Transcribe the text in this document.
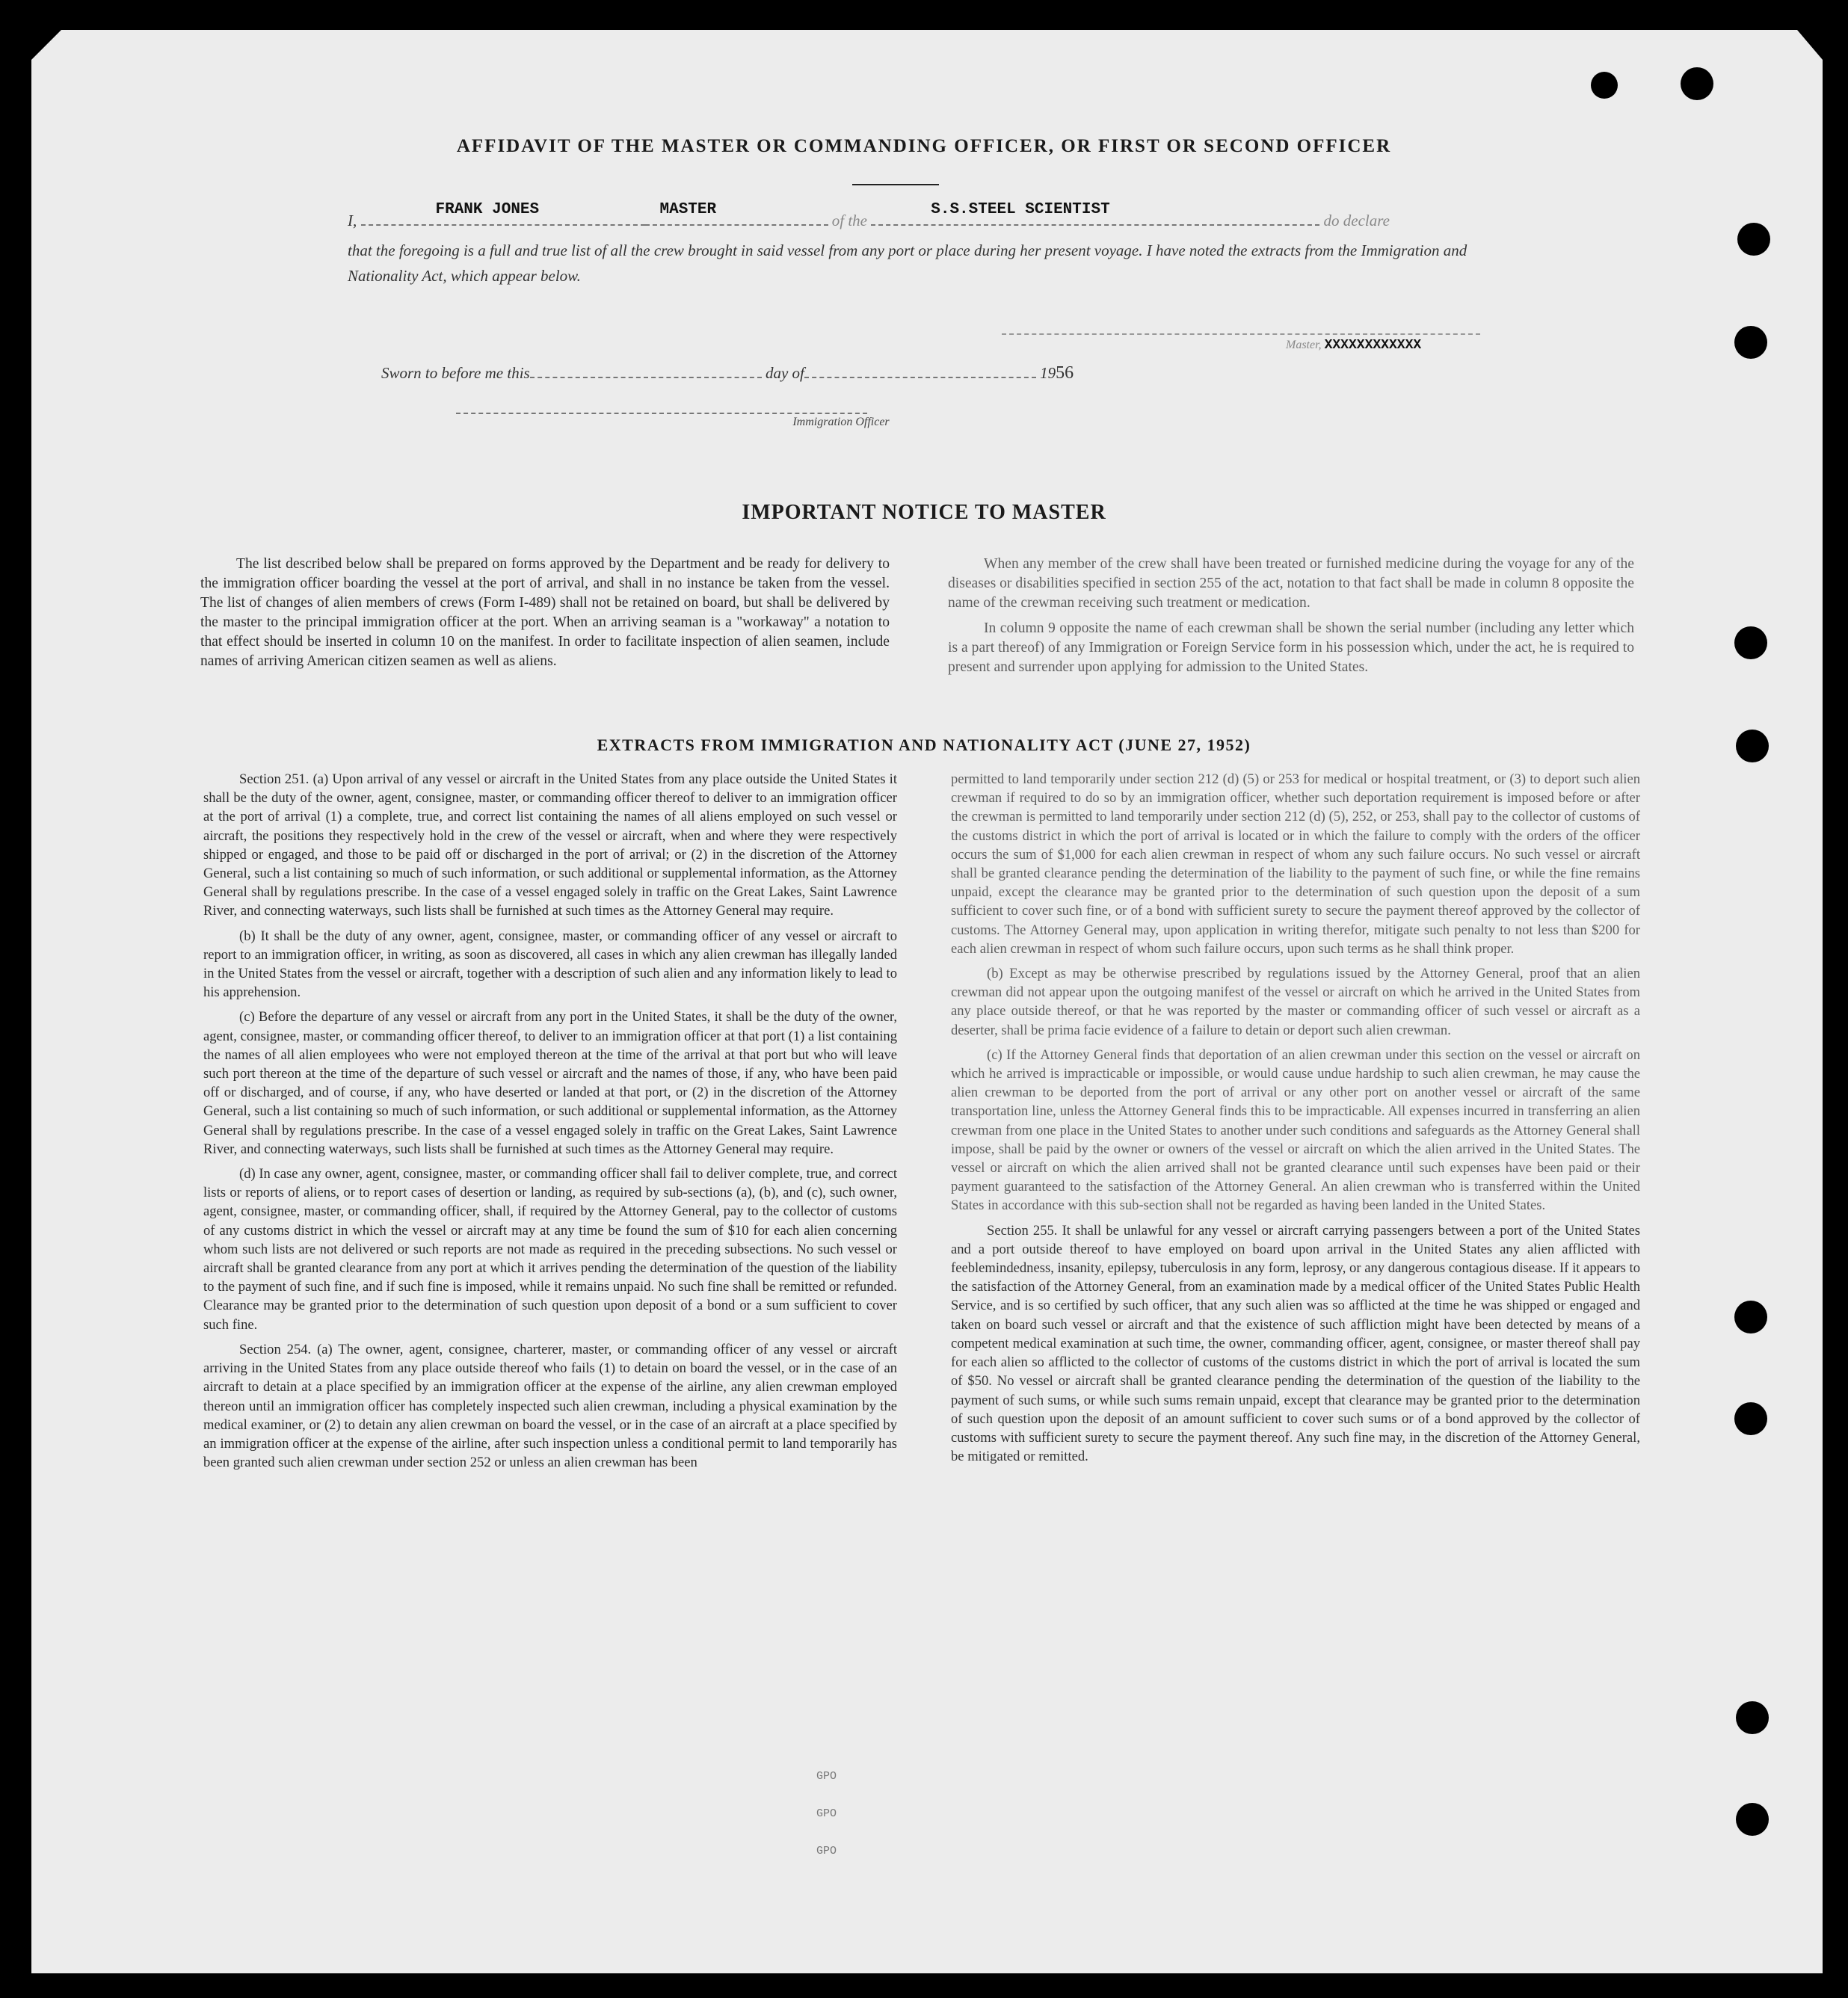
AFFIDAVIT OF THE MASTER OR COMMANDING OFFICER, OR FIRST OR SECOND OFFICER
I,
FRANK JONES	MASTER
of the
S.S.STEEL SCIENTIST
do declare
that the foregoing is a full and true list of all the crew brought in said vessel from any port or place during her present voyage. I have noted the extracts from the Immigration and Nationality Act, which appear below.
Master, XXXXXXXXXXXX
Sworn to before me this	day of	1956
Immigration Officer
IMPORTANT NOTICE TO MASTER

The list described below shall be prepared on forms approved by the Department and be ready for delivery to the immigration officer boarding the vessel at the port of arrival, and shall in no instance be taken from the vessel. The list of changes of alien members of crews (Form I-489) shall not be retained on board, but shall be delivered by the master to the principal immigration officer at the port. When an arriving seaman is a "workaway" a notation to that effect should be inserted in column 10 on the manifest. In order to facilitate inspection of alien seamen, include names of arriving American citizen seamen as well as aliens.

When any member of the crew shall have been treated or furnished medicine during the voyage for any of the diseases or disabilities specified in section 255 of the act, notation to that fact shall be made in column 8 opposite the name of the crewman receiving such treatment or medication.

In column 9 opposite the name of each crewman shall be shown the serial number (including any letter which is a part thereof) of any Immigration or Foreign Service form in his possession which, under the act, he is required to present and surrender upon applying for admission to the United States.

EXTRACTS FROM IMMIGRATION AND NATIONALITY ACT (JUNE 27, 1952)

Section 251. (a) Upon arrival of any vessel or aircraft in the United States from any place outside the United States it shall be the duty of the owner, agent, consignee, master, or commanding officer thereof to deliver to an immigration officer at the port of arrival (1) a complete, true, and correct list containing the names of all aliens employed on such vessel or aircraft, the positions they respectively hold in the crew of the vessel or aircraft, when and where they were respectively shipped or engaged, and those to be paid off or discharged in the port of arrival; or (2) in the discretion of the Attorney General, such a list containing so much of such information, or such additional or supplemental information, as the Attorney General shall by regulations prescribe. In the case of a vessel engaged solely in traffic on the Great Lakes, Saint Lawrence River, and connecting waterways, such lists shall be furnished at such times as the Attorney General may require.

(b) It shall be the duty of any owner, agent, consignee, master, or commanding officer of any vessel or aircraft to report to an immigration officer, in writing, as soon as discovered, all cases in which any alien crewman has illegally landed in the United States from the vessel or aircraft, together with a description of such alien and any information likely to lead to his apprehension.

(c) Before the departure of any vessel or aircraft from any port in the United States, it shall be the duty of the owner, agent, consignee, master, or commanding officer thereof, to deliver to an immigration officer at that port (1) a list containing the names of all alien employees who were not employed thereon at the time of the arrival at that port but who will leave such port thereon at the time of the departure of such vessel or aircraft and the names of those, if any, who have been paid off or discharged, and of course, if any, who have deserted or landed at that port, or (2) in the discretion of the Attorney General, such a list containing so much of such information, or such additional or supplemental information, as the Attorney General shall by regulations prescribe. In the case of a vessel engaged solely in traffic on the Great Lakes, Saint Lawrence River, and connecting waterways, such lists shall be furnished at such times as the Attorney General may require.

(d) In case any owner, agent, consignee, master, or commanding officer shall fail to deliver complete, true, and correct lists or reports of aliens, or to report cases of desertion or landing, as required by sub-sections (a), (b), and (c), such owner, agent, consignee, master, or commanding officer, shall, if required by the Attorney General, pay to the collector of customs of any customs district in which the vessel or aircraft may at any time be found the sum of $10 for each alien concerning whom such lists are not delivered or such reports are not made as required in the preceding subsections. No such vessel or aircraft shall be granted clearance from any port at which it arrives pending the determination of the question of the liability to the payment of such fine, and if such fine is imposed, while it remains unpaid. No such fine shall be remitted or refunded. Clearance may be granted prior to the determination of such question upon deposit of a bond or a sum sufficient to cover such fine.

Section 254. (a) The owner, agent, consignee, charterer, master, or commanding officer of any vessel or aircraft arriving in the United States from any place outside thereof who fails (1) to detain on board the vessel, or in the case of an aircraft to detain at a place specified by an immigration officer at the expense of the airline, any alien crewman employed thereon until an immigration officer has completely inspected such alien crewman, including a physical examination by the medical examiner, or (2) to detain any alien crewman on board the vessel, or in the case of an aircraft at a place specified by an immigration officer at the expense of the airline, after such inspection unless a conditional permit to land temporarily has been granted such alien crewman under section 252 or unless an alien crewman has been

permitted to land temporarily under section 212 (d) (5) or 253 for medical or hospital treatment, or (3) to deport such alien crewman if required to do so by an immigration officer, whether such deportation requirement is imposed before or after the crewman is permitted to land temporarily under section 212 (d) (5), 252, or 253, shall pay to the collector of customs of the customs district in which the port of arrival is located or in which the failure to comply with the orders of the officer occurs the sum of $1,000 for each alien crewman in respect of whom any such failure occurs. No such vessel or aircraft shall be granted clearance pending the determination of the liability to the payment of such fine, or while the fine remains unpaid, except the clearance may be granted prior to the determination of such question upon the deposit of a sum sufficient to cover such fine, or of a bond with sufficient surety to secure the payment thereof approved by the collector of customs. The Attorney General may, upon application in writing therefor, mitigate such penalty to not less than $200 for each alien crewman in respect of whom such failure occurs, upon such terms as he shall think proper.

(b) Except as may be otherwise prescribed by regulations issued by the Attorney General, proof that an alien crewman did not appear upon the outgoing manifest of the vessel or aircraft on which he arrived in the United States from any place outside thereof, or that he was reported by the master or commanding officer of such vessel or aircraft as a deserter, shall be prima facie evidence of a failure to detain or deport such alien crewman.

(c) If the Attorney General finds that deportation of an alien crewman under this section on the vessel or aircraft on which he arrived is impracticable or impossible, or would cause undue hardship to such alien crewman, he may cause the alien crewman to be deported from the port of arrival or any other port on another vessel or aircraft of the same transportation line, unless the Attorney General finds this to be impracticable. All expenses incurred in transferring an alien crewman from one place in the United States to another under such conditions and safeguards as the Attorney General shall impose, shall be paid by the owner or owners of the vessel or aircraft on which the alien arrived in the United States. The vessel or aircraft on which the alien arrived shall not be granted clearance until such expenses have been paid or their payment guaranteed to the satisfaction of the Attorney General. An alien crewman who is transferred within the United States in accordance with this sub-section shall not be regarded as having been landed in the United States.

Section 255. It shall be unlawful for any vessel or aircraft carrying passengers between a port of the United States and a port outside thereof to have employed on board upon arrival in the United States any alien afflicted with feeblemindedness, insanity, epilepsy, tuberculosis in any form, leprosy, or any dangerous contagious disease. If it appears to the satisfaction of the Attorney General, from an examination made by a medical officer of the United States Public Health Service, and is so certified by such officer, that any such alien was so afflicted at the time he was shipped or engaged and taken on board such vessel or aircraft and that the existence of such affliction might have been detected by means of a competent medical examination at such time, the owner, commanding officer, agent, consignee, or master thereof shall pay for each alien so afflicted to the collector of customs of the customs district in which the port of arrival is located the sum of $50. No vessel or aircraft shall be granted clearance pending the determination of the question of the liability to the payment of such sums, or while such sums remain unpaid, except that clearance may be granted prior to the determination of such question upon the deposit of an amount sufficient to cover such sums or of a bond approved by the collector of customs with sufficient surety to secure the payment thereof. Any such fine may, in the discretion of the Attorney General, be mitigated or remitted.

GPO
GPO
GPO
